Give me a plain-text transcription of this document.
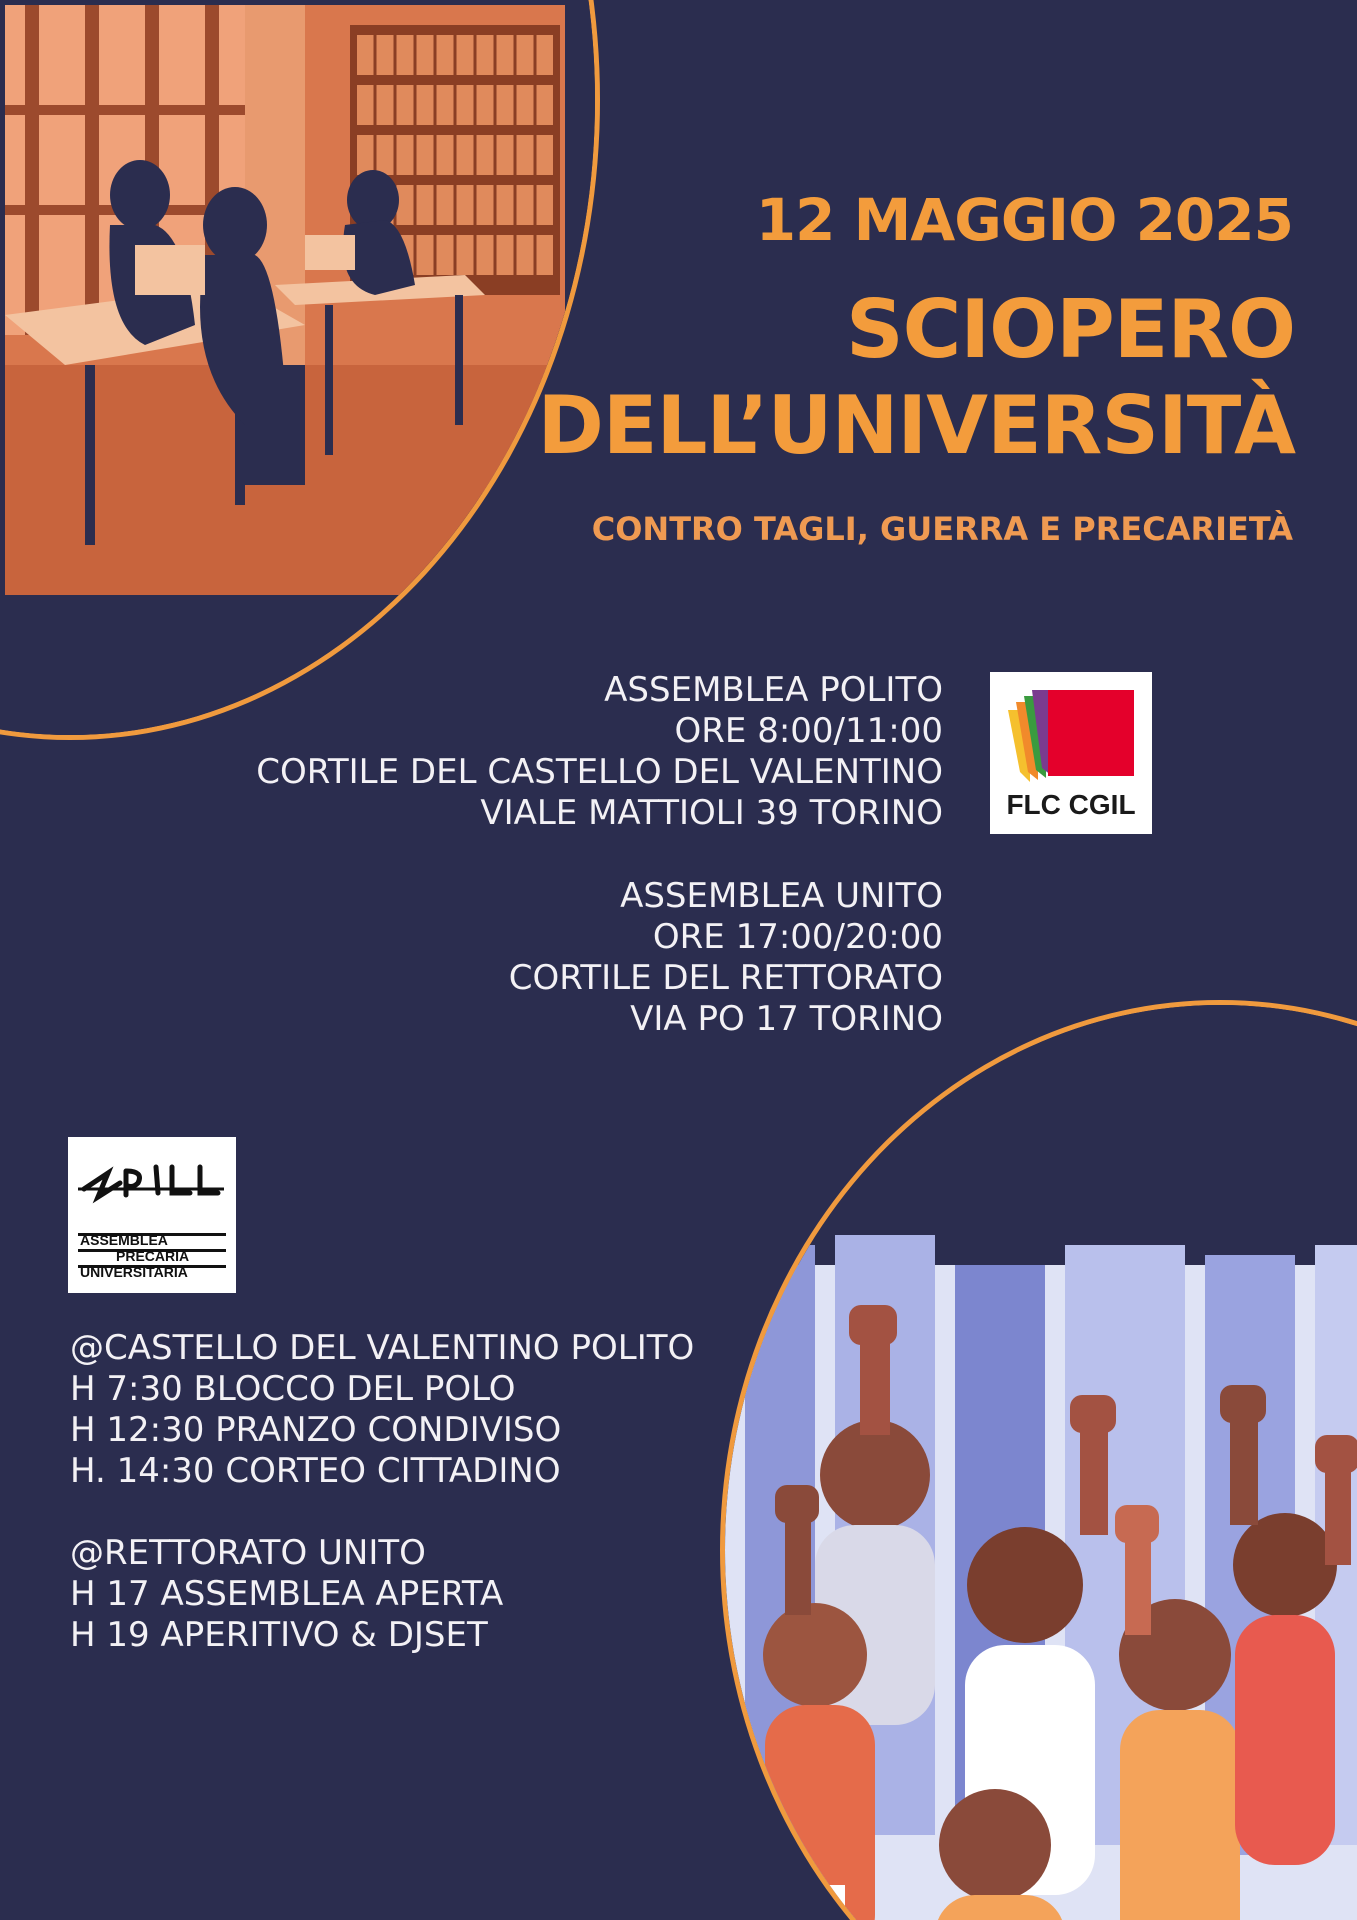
12 MAGGIO 2025
SCIOPERO
DELL’UNIVERSITÀ
CONTRO TAGLI, GUERRA E PRECARIETÀ
ASSEMBLEA POLITO
ORE 8:00/11:00
CORTILE DEL CASTELLO DEL VALENTINO
VIALE MATTIOLI 39 TORINO
ASSEMBLEA UNITO
ORE 17:00/20:00
CORTILE DEL RETTORATO
VIA PO 17 TORINO
FLC CGIL
ASSEMBLEA
PRECARIA
UNIVERSITARIA
@CASTELLO DEL VALENTINO POLITO
H 7:30 BLOCCO DEL POLO
H 12:30 PRANZO CONDIVISO
H. 14:30 CORTEO CITTADINO
@RETTORATO UNITO
H 17 ASSEMBLEA APERTA
H 19 APERITIVO & DJSET
